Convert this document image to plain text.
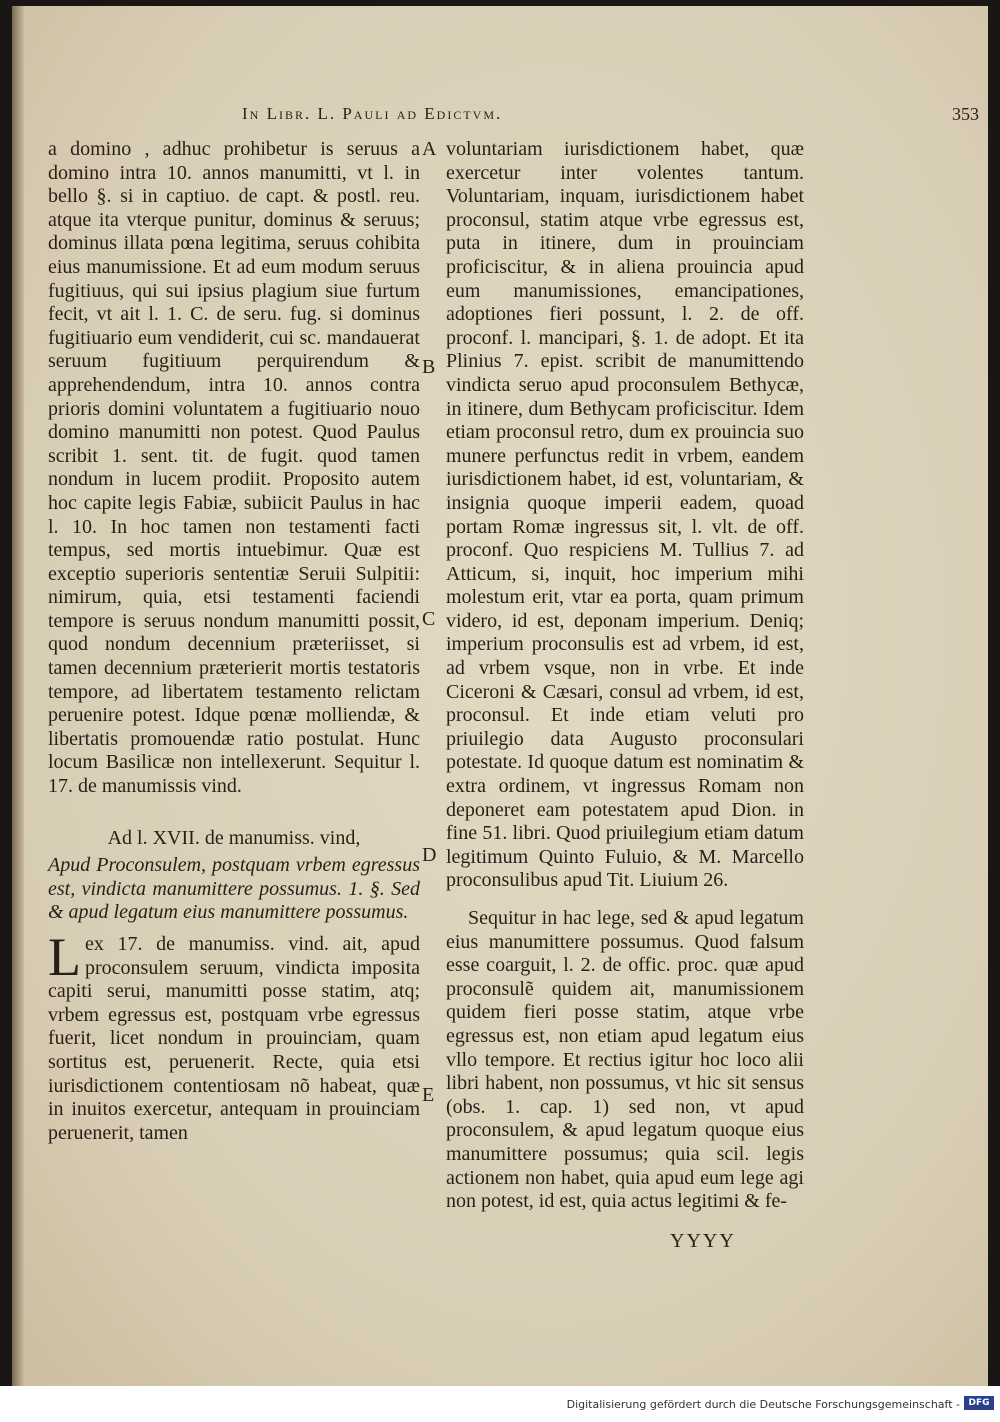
In Libr. L. Pauli ad Edictvm.	353

a domino , adhuc prohibetur is seruus a domino intra 10. annos manumitti, vt l. in bello §. si in captiuo. de capt. & postl. reu. atque ita vterque punitur, dominus & seruus; dominus illata pœna legitima, seruus cohibita eius manumissione. Et ad eum modum seruus fugitiuus, qui sui ipsius plagium siue furtum fecit, vt ait l. 1. C. de seru. fug. si dominus fugitiuario eum vendiderit, cui sc. mandauerat seruum fugitiuum perquirendum & apprehendendum, intra 10. annos contra prioris domini voluntatem a fugitiuario nouo domino manumitti non potest. Quod Paulus scribit 1. sent. tit. de fugit. quod tamen nondum in lucem prodiit. Proposito autem hoc capite legis Fabiæ, subiicit Paulus in hac l. 10. In hoc tamen non testamenti facti tempus, sed mortis intuebimur. Quæ est exceptio superioris sententiæ Seruii Sulpitii: nimirum, quia, etsi testamenti faciendi tempore is seruus nondum manumitti possit, quod nondum decennium præteriisset, si tamen decennium præterierit mortis testatoris tempore, ad libertatem testamento relictam peruenire potest. Idque pœnæ molliendæ, & libertatis promouendæ ratio postulat. Hunc locum Basilicæ non intellexerunt. Sequitur l. 17. de manumissis vind.

Ad l. XVII. de manumiss. vind,

Apud Proconsulem, postquam vrbem egressus est, vindicta manumittere possumus. 1. §. Sed & apud legatum eius manumittere possumus.

Lex 17. de manumiss. vind. ait, apud proconsulem seruum, vindicta imposita capiti serui, manumitti posse statim, atq; vrbem egressus est, postquam vrbe egressus fuerit, licet nondum in prouinciam, quam sortitus est, peruenerit. Recte, quia etsi iurisdictionem contentiosam nõ habeat, quæ in inuitos exercetur, antequam in prouinciam peruenerit, tamen

A
B
C
D
E

voluntariam iurisdictionem habet, quæ exercetur inter volentes tantum. Voluntariam, inquam, iurisdictionem habet proconsul, statim atque vrbe egressus est, puta in itinere, dum in prouinciam proficiscitur, & in aliena prouincia apud eum manumissiones, emancipationes, adoptiones fieri possunt, l. 2. de off. proconf. l. mancipari, §. 1. de adopt. Et ita Plinius 7. epist. scribit de manumittendo vindicta seruo apud proconsulem Bethycæ, in itinere, dum Bethycam proficiscitur. Idem etiam proconsul retro, dum ex prouincia suo munere perfunctus redit in vrbem, eandem iurisdictionem habet, id est, voluntariam, & insignia quoque imperii eadem, quoad portam Romæ ingressus sit, l. vlt. de off. proconf. Quo respiciens M. Tullius 7. ad Atticum, si, inquit, hoc imperium mihi molestum erit, vtar ea porta, quam primum videro, id est, deponam imperium. Deniq; imperium proconsulis est ad vrbem, id est, ad vrbem vsque, non in vrbe. Et inde Ciceroni & Cæsari, consul ad vrbem, id est, proconsul. Et inde etiam veluti pro priuilegio data Augusto proconsulari potestate. Id quoque datum est nominatim & extra ordinem, vt ingressus Romam non deponeret eam potestatem apud Dion. in fine 51. libri. Quod priuilegium etiam datum legitimum Quinto Fuluio, & M. Marcello proconsulibus apud Tit. Liuium 26.

Sequitur in hac lege, sed & apud legatum eius manumittere possumus. Quod falsum esse coarguit, l. 2. de offic. proc. quæ apud proconsulẽ quidem ait, manumissionem quidem fieri posse statim, atque vrbe egressus est, non etiam apud legatum eius vllo tempore. Et rectius igitur hoc loco alii libri habent, non possumus, vt hic sit sensus (obs. 1. cap. 1) sed non, vt apud proconsulem, & apud legatum quoque eius manumittere possumus; quia scil. legis actionem non habet, quia apud eum lege agi non potest, id est, quia actus legitimi & fe-

YYYY
Digitalisierung gefördert durch die Deutsche Forschungsgemeinschaft - DFG
